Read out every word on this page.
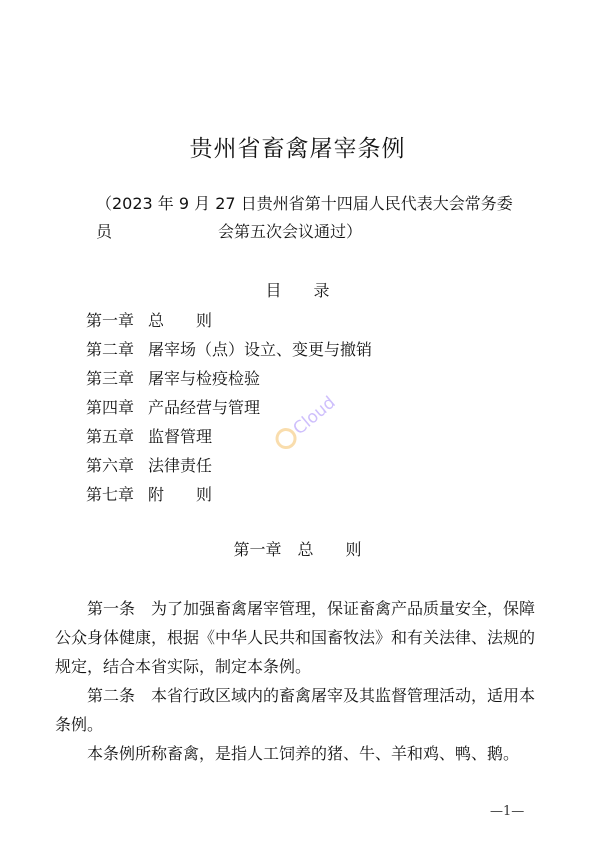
贵州省畜禽屠宰条例
（2023 年 9 月 27 日贵州省第十四届人民代表大会常务委员	会第五次会议通过）
目　　录
第一章 总　　则
第二章 屠宰场（点）设立、变更与撤销
第三章 屠宰与检疫检验
第四章 产品经营与管理
第五章 监督管理
第六章 法律责任
第七章 附　　则
第一章　总　　则

第一条　为了加强畜禽屠宰管理，保证畜禽产品质量安全，保障

公众身体健康，根据《中华人民共和国畜牧法》和有关法律、法规的
规定，结合本省实际，制定本条例。

第二条　本省行政区域内的畜禽屠宰及其监督管理活动，适用本

条例。

本条例所称畜禽，是指人工饲养的猪、牛、羊和鸡、鸭、鹅。

—1—
Cloud
